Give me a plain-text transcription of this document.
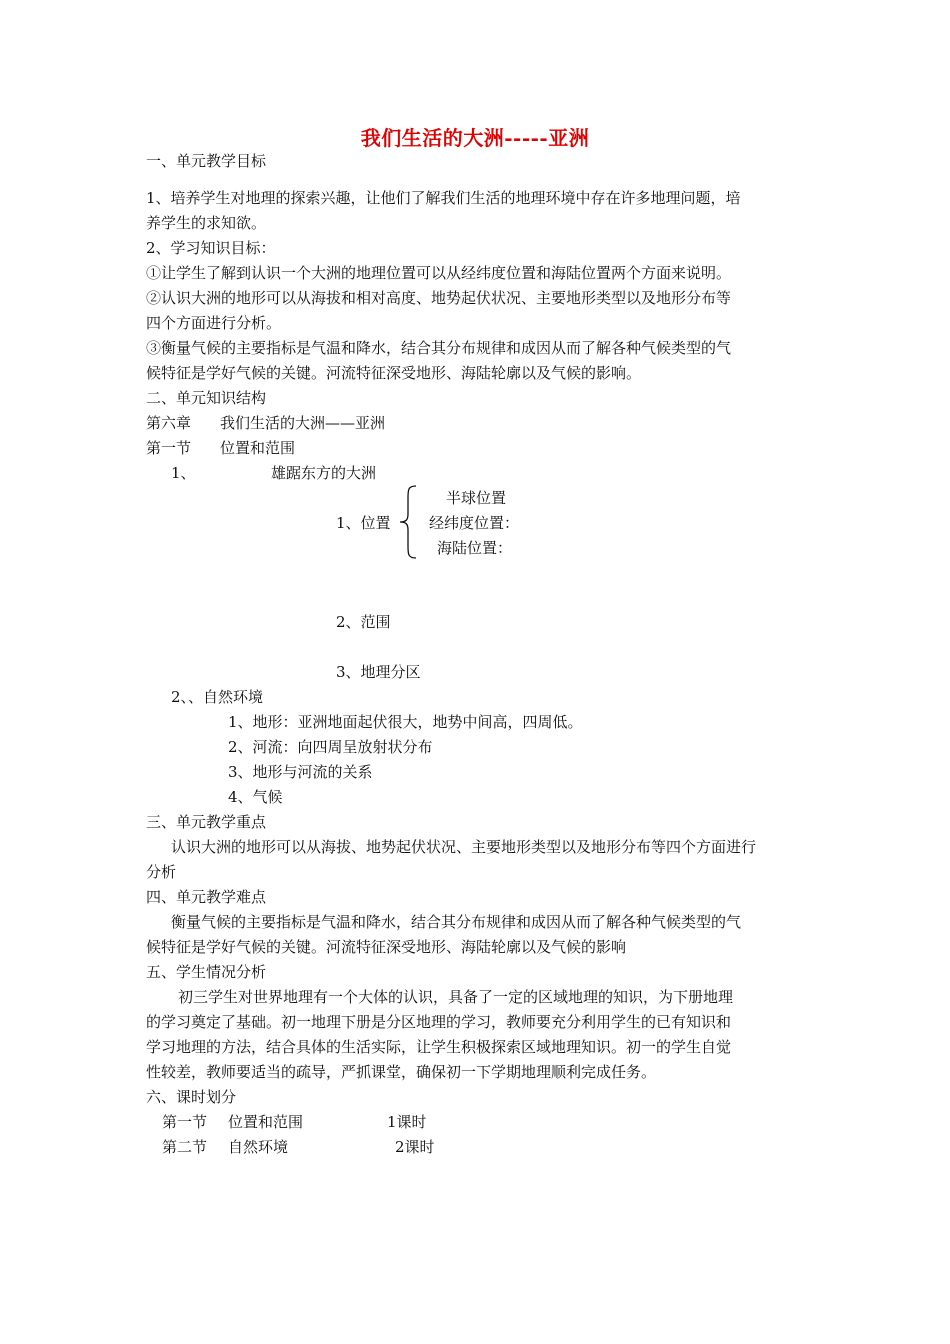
我们生活的大洲-----亚洲
一、单元教学目标
1、培养学生对地理的探索兴趣，让他们了解我们生活的地理环境中存在许多地理问题，培
养学生的求知欲。
2、学习知识目标：
①让学生了解到认识一个大洲的地理位置可以从经纬度位置和海陆位置两个方面来说明。
②认识大洲的地形可以从海拔和相对高度、地势起伏状况、主要地形类型以及地形分布等
四个方面进行分析。
③衡量气候的主要指标是气温和降水，结合其分布规律和成因从而了解各种气候类型的气
候特征是学好气候的关键。河流特征深受地形、海陆轮廓以及气候的影响。
二、单元知识结构
第六章 我们生活的大洲——亚洲
第一节 位置和范围
1、	雄踞东方的大洲
1、位置
半球位置
经纬度位置：
海陆位置：
2、范围
3、地理分区
2、、自然环境
1、地形：亚洲地面起伏很大，地势中间高，四周低。
2、河流：向四周呈放射状分布
3、地形与河流的关系
4、气候
三、单元教学重点
认识大洲的地形可以从海拔、地势起伏状况、主要地形类型以及地形分布等四个方面进行
分析
四、单元教学难点
衡量气候的主要指标是气温和降水，结合其分布规律和成因从而了解各种气候类型的气
候特征是学好气候的关键。河流特征深受地形、海陆轮廓以及气候的影响
五、学生情况分析
初三学生对世界地理有一个大体的认识，具备了一定的区域地理的知识，为下册地理
的学习奠定了基础。初一地理下册是分区地理的学习，教师要充分利用学生的已有知识和
学习地理的方法，结合具体的生活实际，让学生积极探索区域地理知识。初一的学生自觉
性较差，教师要适当的疏导，严抓课堂，确保初一下学期地理顺利完成任务。
六、课时划分
第一节 位置和范围	1课时
第二节 自然环境	2课时
